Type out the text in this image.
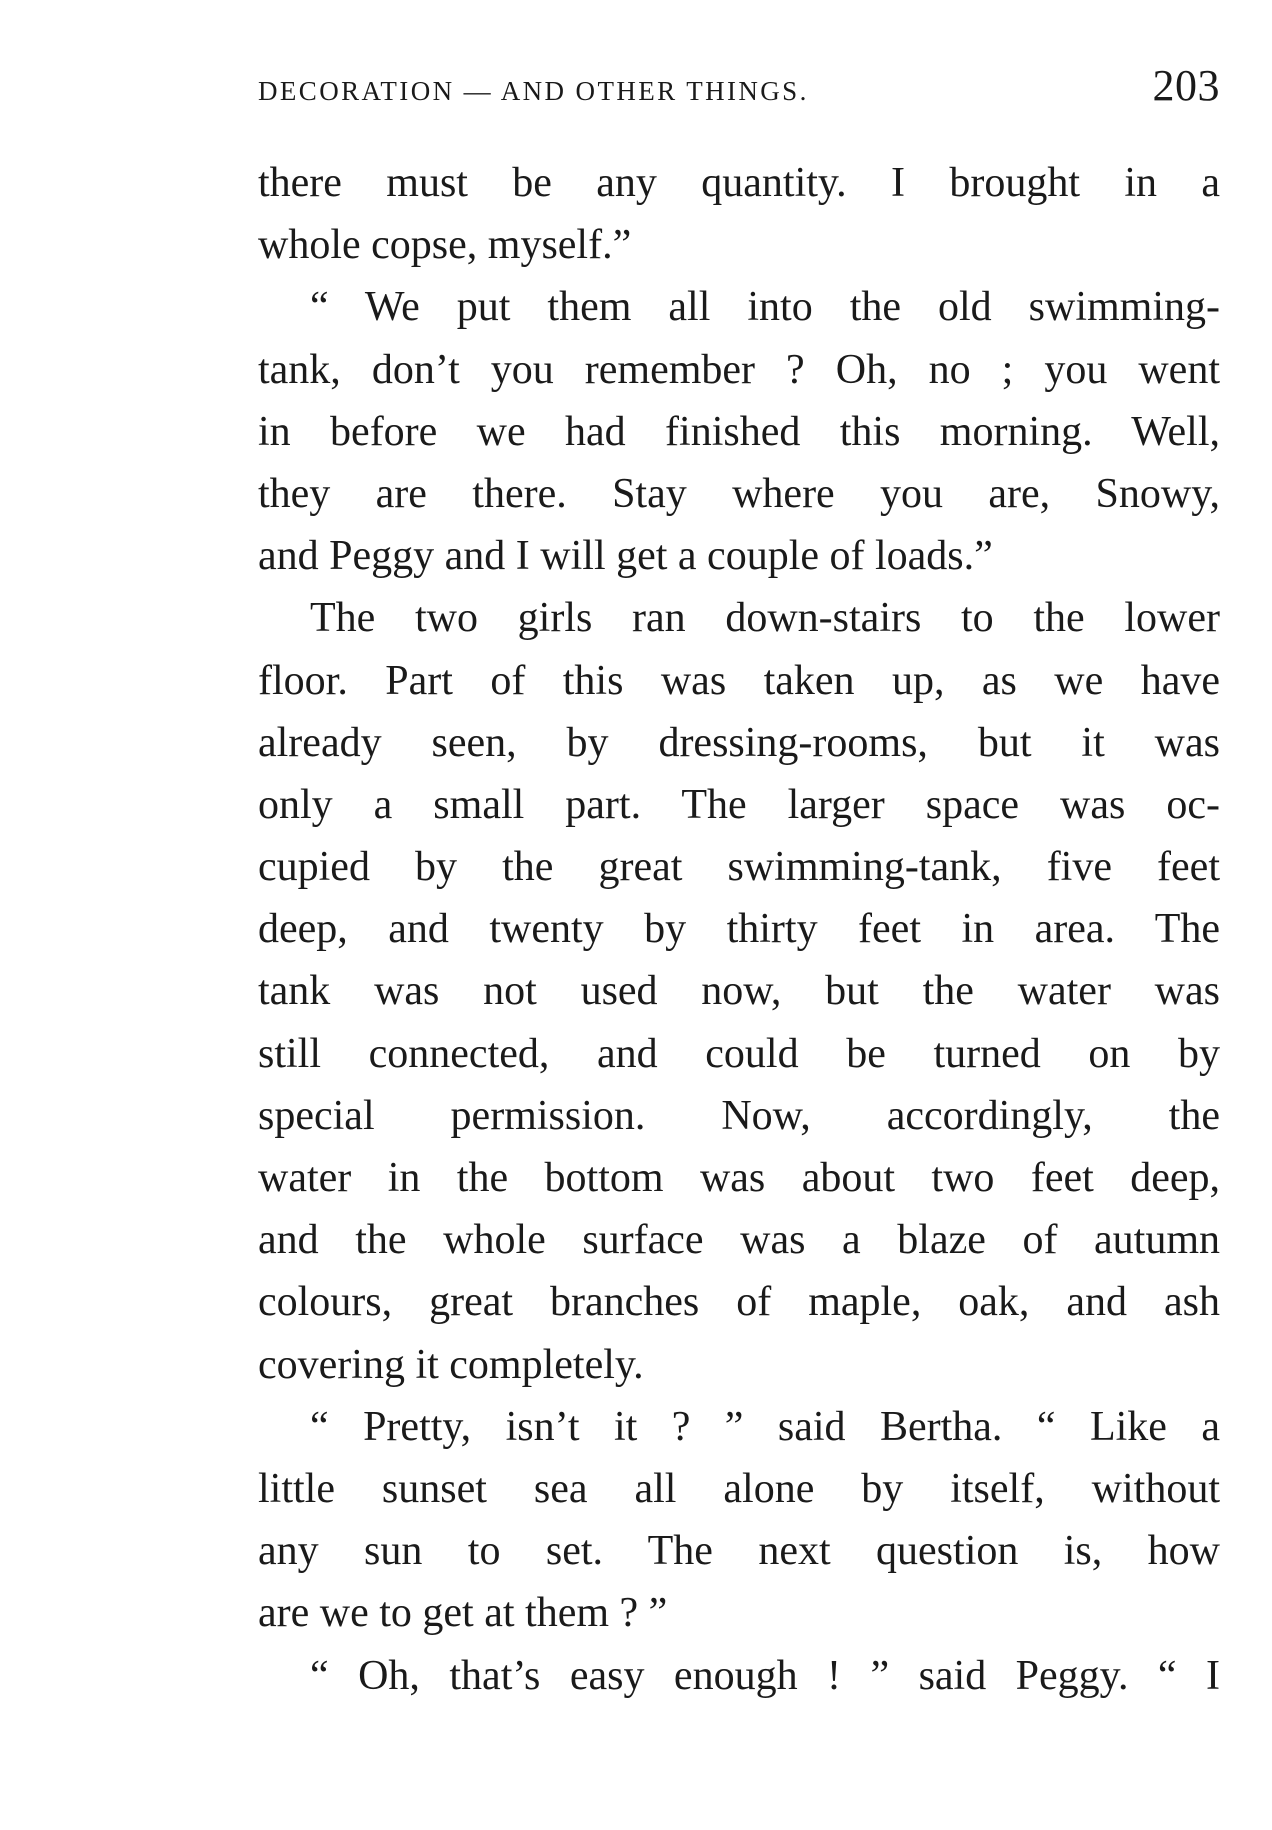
DECORATION — AND OTHER THINGS.	203
there must be any quantity. I brought in a
whole copse, myself.”
“ We put them all into the old swimming-
tank, don’t you remember ? Oh, no ; you went
in before we had finished this morning. Well,
they are there. Stay where you are, Snowy,
and Peggy and I will get a couple of loads.”
The two girls ran down-stairs to the lower
floor. Part of this was taken up, as we have
already seen, by dressing-rooms, but it was
only a small part. The larger space was oc-
cupied by the great swimming-tank, five feet
deep, and twenty by thirty feet in area. The
tank was not used now, but the water was
still connected, and could be turned on by
special permission. Now, accordingly, the
water in the bottom was about two feet deep,
and the whole surface was a blaze of autumn
colours, great branches of maple, oak, and ash
covering it completely.
“ Pretty, isn’t it ? ” said Bertha. “ Like a
little sunset sea all alone by itself, without
any sun to set. The next question is, how
are we to get at them ? ”
“ Oh, that’s easy enough ! ” said Peggy. “ I
